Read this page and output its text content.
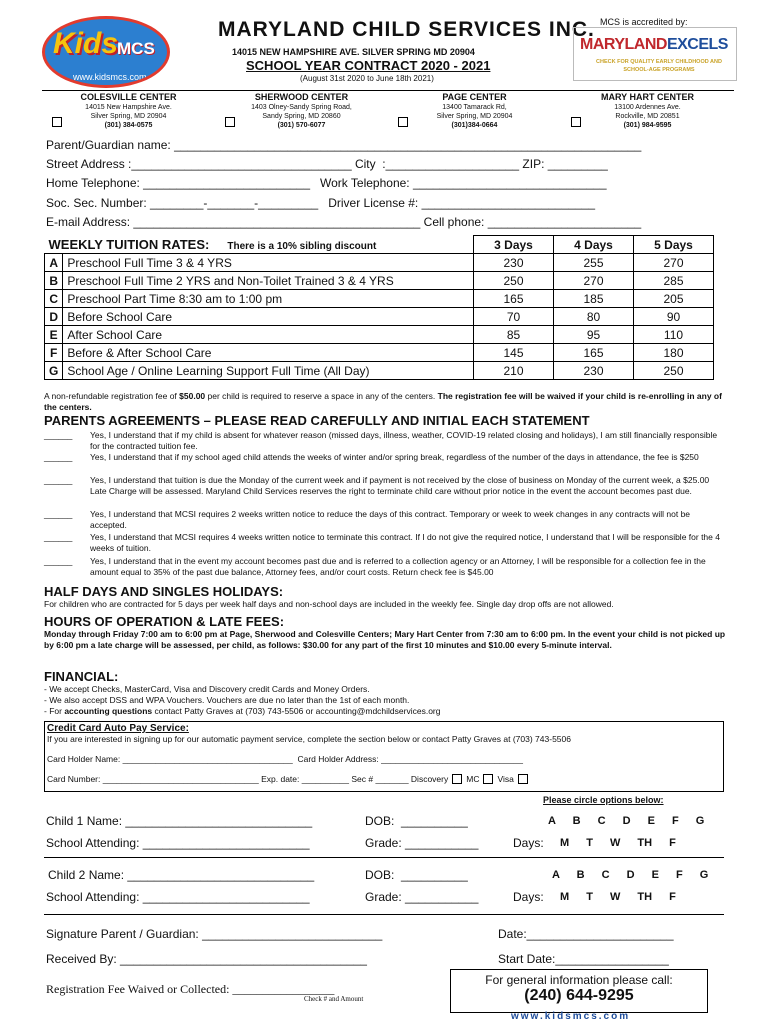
Kids
MCS
www.kidsmcs.com
MARYLAND CHILD SERVICES INC.
14015 NEW HAMPSHIRE AVE. SILVER SPRING MD 20904
SCHOOL YEAR CONTRACT 2020 - 2021
(August 31st 2020 to June 18th 2021)
MCS is accredited by:
MARYLANDEXCELS
CHECK FOR QUALITY EARLY CHILDHOOD AND SCHOOL-AGE PROGRAMS
COLESVILLE CENTER
14015 New Hampshire Ave.
Silver Spring, MD 20904
(301) 384-0575
SHERWOOD CENTER
1403 Olney-Sandy Spring Road,
Sandy Spring, MD 20860
(301) 570-6077
PAGE CENTER
13400 Tamarack Rd,
Silver Spring, MD 20904
(301)384-0664
MARY HART CENTER
13100 Ardennes Ave.
Rockville, MD 20851
(301) 984-9595
Parent/Guardian name: ______________________________________________________________________
Street Address :_________________________________ City  :____________________ ZIP: _________
Home Telephone: _________________________   Work Telephone: _____________________________
Soc. Sec. Number: ________-_______-_________   Driver License #: __________________________
E-mail Address: ___________________________________________ Cell phone: _______________________
WEEKLY TUITION RATES: There is a 10% sibling discount		3 Days	4 Days	5 Days
A	Preschool Full Time 3 & 4 YRS	230	255	270
B	Preschool Full Time 2 YRS and Non-Toilet Trained 3 & 4 YRS	250	270	285
C	Preschool Part Time 8:30 am to 1:00 pm	165	185	205
D	Before School Care	70	80	90
E	After School Care	85	95	110
F	Before & After School Care	145	165	180
G	School Age / Online Learning Support Full Time (All Day)	210	230	250
A non-refundable registration fee of $50.00 per child is required to reserve a space in any of the centers. The registration fee will be waived if your child is re-enrolling in any of the centers.
PARENTS AGREEMENTS – PLEASE READ CAREFULLY AND INITIAL EACH STATEMENT
______	Yes, I understand that if my child is absent for whatever reason (missed days, illness, weather, COVID-19 related closing and holidays), I am still financially responsible for the contracted tuition fee.
______	Yes, I understand that if my school aged child attends the weeks of winter and/or spring break, regardless of the number of the days in attendance, the fee is $250
______	Yes, I understand that tuition is due the Monday of the current week and if payment is not received by the close of business on Monday of the current week, a $25.00 Late Charge will be assessed. Maryland Child Services reserves the right to terminate child care without prior notice in the event the account becomes past due.
______	Yes, I understand that MCSI requires 2 weeks written notice to reduce the days of this contract. Temporary or week to week changes in any contracts will not be accepted.
______	Yes, I understand that MCSI requires 4 weeks written notice to terminate this contract. If I do not give the required notice, I understand that I will be responsible for the 4 weeks of tuition.
______	Yes, I understand that in the event my account becomes past due and is referred to a collection agency or an Attorney, I will be responsible for a collection fee in the amount equal to 35% of the past due balance, Attorney fees, and/or court costs. Return check fee is $45.00
HALF DAYS AND SINGLES HOLIDAYS:
For children who are contracted for 5 days per week half days and non-school days are included in the weekly fee. Single day drop offs are not allowed.
HOURS OF OPERATION & LATE FEES:
Monday through Friday 7:00 am to 6:00 pm at Page, Sherwood and Colesville Centers; Mary Hart Center from 7:30 am to 6:00 pm. In the event your child is not picked up by 6:00 pm a late charge will be assessed, per child, as follows: $30.00 for any part of the first 10 minutes and $10.00 every 5-minute interval.
FINANCIAL:
- We accept Checks, MasterCard, Visa and Discovery credit Cards and Money Orders.
- We also accept DSS and WPA Vouchers. Vouchers are due no later than the 1st of each month.
- For accounting questions contact Patty Graves at (703) 743-5506 or accounting@mdchildservices.org
Credit Card Auto Pay Service:
If you are interested in signing up for our automatic payment service, complete the section below or contact Patty Graves at (703) 743-5506
Card Holder Name: ____________________________________  Card Holder Address: ______________________________
Card Number: _________________________________ Exp. date: __________ Sec # _______ Discovery MC Visa
Please circle options below:
Child 1 Name: ____________________________	DOB:  __________	A B C D E F G
School Attending: _________________________	Grade: ___________	Days: M T W TH F
Child 2 Name: ____________________________	DOB:  __________	A B C D E F G
School Attending: _________________________	Grade: ___________	Days: M T W TH F
Signature Parent / Guardian: ___________________________	Date:______________________
Received By: _____________________________________	Start Date:_________________
Registration Fee Waived or Collected: _________________
Check # and Amount
For general information please call:
(240) 644-9295
www.kidsmcs.com
